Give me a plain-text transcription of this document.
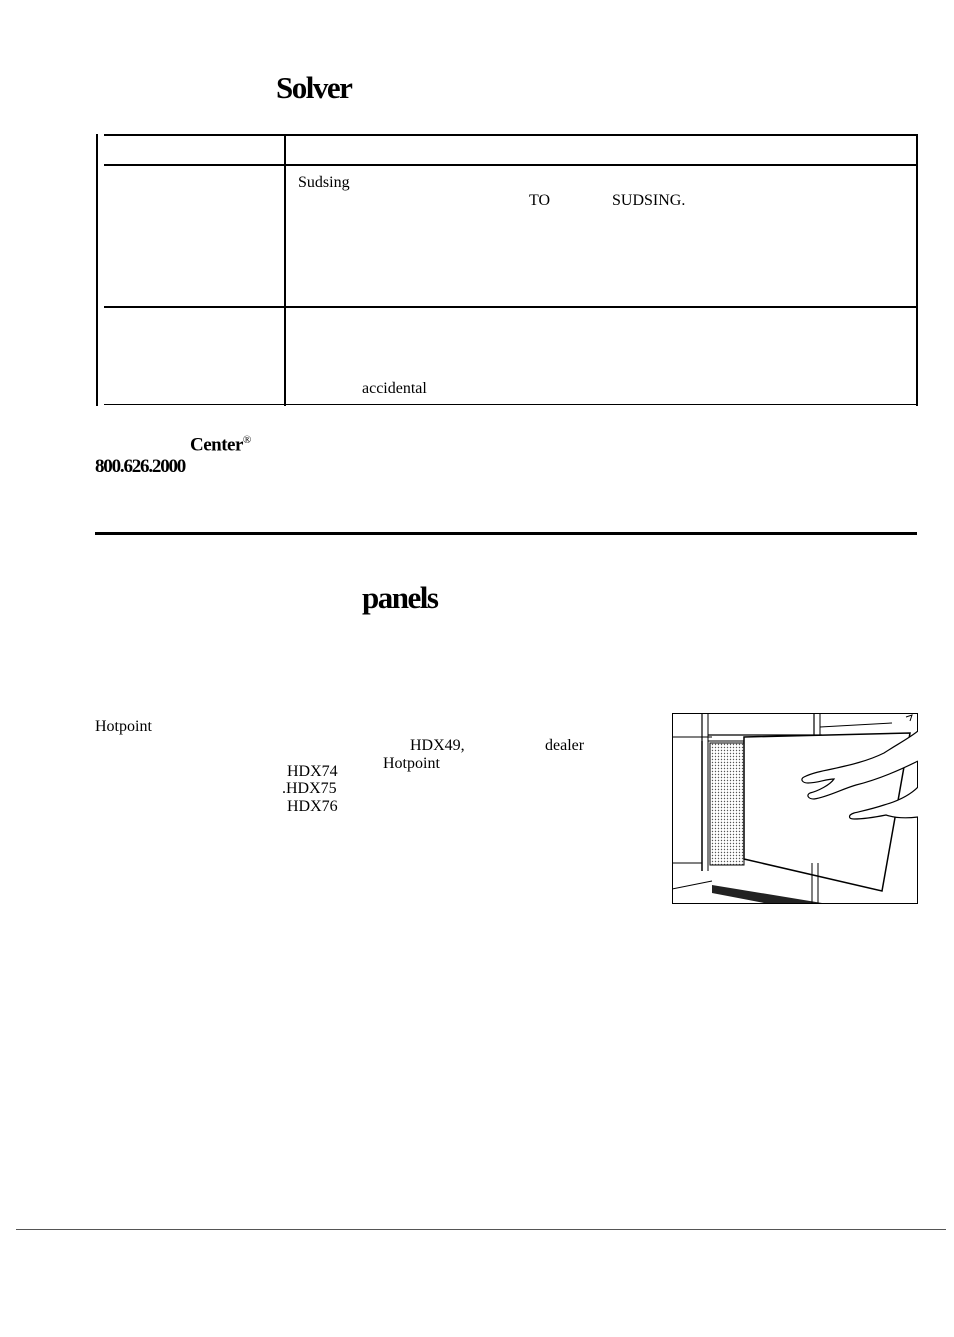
Solver
Sudsing
TO	SUDSING.
accidental
Center®
800.626.2000
panels
Hotpoint
HDX74
.HDX75
HDX76
HDX49,
Hotpoint
dealer
